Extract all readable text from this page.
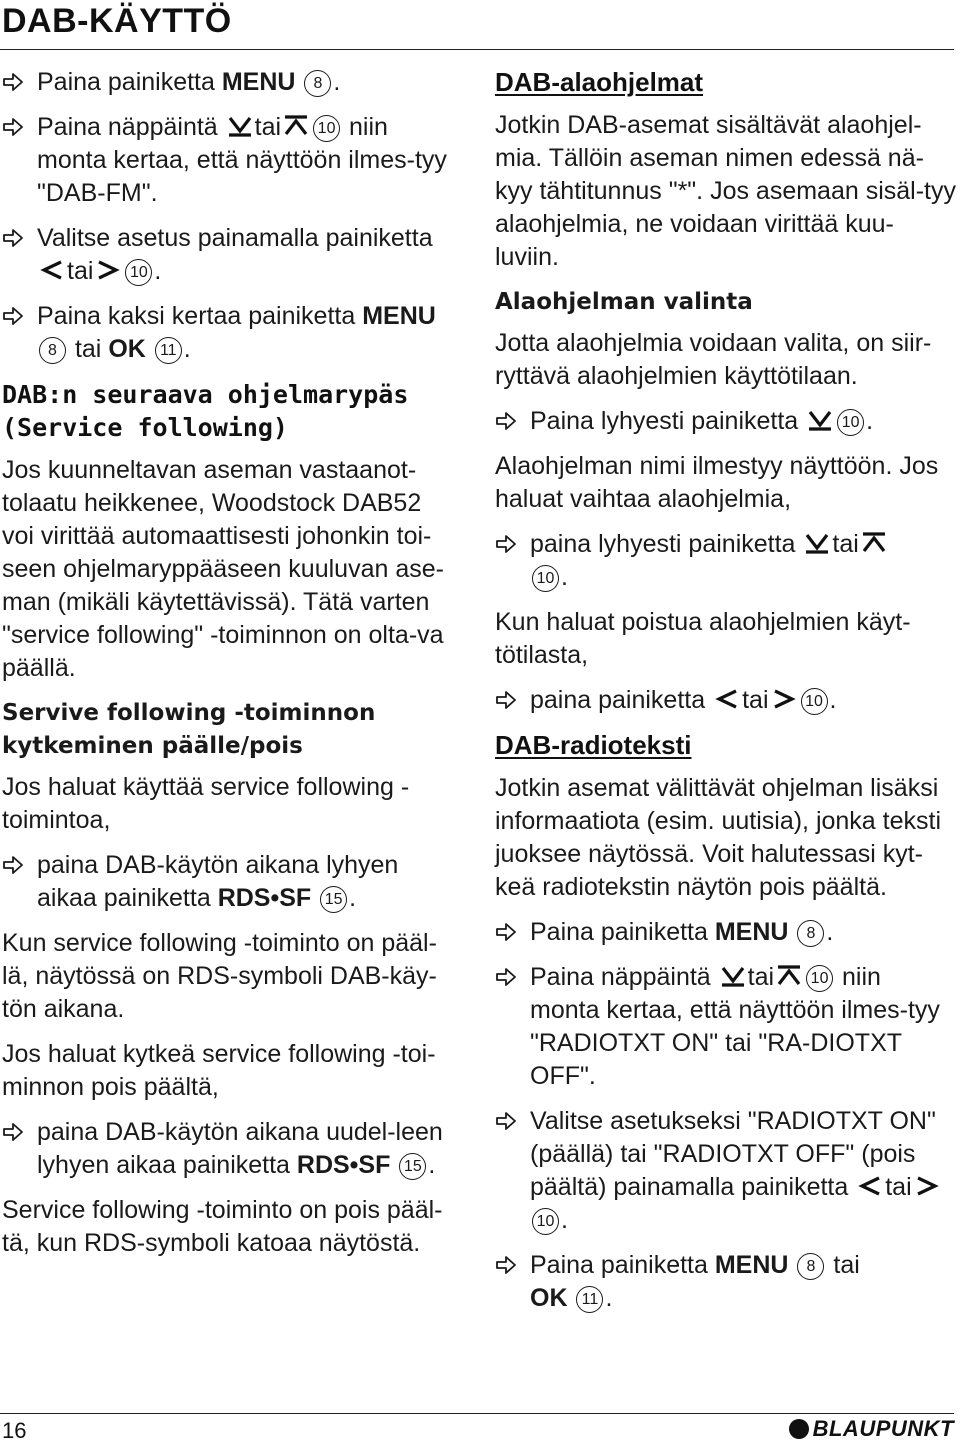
DAB-KÄYTTÖ
Paina painiketta MENU 8 .
Paina näppäintä tai 10 niin monta kertaa, että näyttöön ilmes-tyy "DAB-FM".
Valitse asetus painamalla painiketta tai 10 .
Paina kaksi kertaa painiketta MENU 8 tai OK 11 .
DAB:n seuraava ohjelmarypäs
(Service following)

Jos kuunneltavan aseman vastaanot-tolaatu heikkenee, Woodstock DAB52 voi virittää automaattisesti johonkin toi-seen ohjelmaryppääseen kuuluvan ase-man (mikäli käytettävissä). Tätä varten "service following" -toiminnon on olta-va päällä.

Servive following -toiminnon kytkeminen päälle/pois

Jos haluat käyttää service following -toimintoa,

paina DAB-käytön aikana lyhyen aikaa painiketta RDS•SF 15 .

Kun service following -toiminto on pääl-lä, näytössä on RDS-symboli DAB-käy-tön aikana.

Jos haluat kytkeä service following -toi-minnon pois päältä,

paina DAB-käytön aikana uudel-leen lyhyen aikaa painiketta RDS•SF 15 .

Service following -toiminto on pois pääl-tä, kun RDS-symboli katoaa näytöstä.

DAB-alaohjelmat

Jotkin DAB-asemat sisältävät alaohjel-mia. Tällöin aseman nimen edessä nä-kyy tähtitunnus "*". Jos asemaan sisäl-tyy alaohjelmia, ne voidaan virittää kuu-luviin.

Alaohjelman valinta

Jotta alaohjelmia voidaan valita, on siir-ryttävä alaohjelmien käyttötilaan.

Paina lyhyesti painiketta 10 .

Alaohjelman nimi ilmestyy näyttöön. Jos haluat vaihtaa alaohjelmia,

paina lyhyesti painiketta tai
10 .

Kun haluat poistua alaohjelmien käyt-tötilasta,

paina painiketta tai 10 .
DAB-radioteksti

Jotkin asemat välittävät ohjelman lisäksi informaatiota (esim. uutisia), jonka teksti juoksee näytössä. Voit halutessasi kyt-keä radiotekstin näytön pois päältä.

Paina painiketta MENU 8 .
Paina näppäintä tai 10 niin monta kertaa, että näyttöön ilmes-tyy "RADIOTXT ON" tai "RA-DIOTXT OFF".
Valitse asetukseksi "RADIOTXT ON" (päällä) tai "RADIOTXT OFF" (pois päältä) painamalla painiketta tai10 .
Paina painiketta MENU 8 tai
OK 11 .
16	BLAUPUNKT
